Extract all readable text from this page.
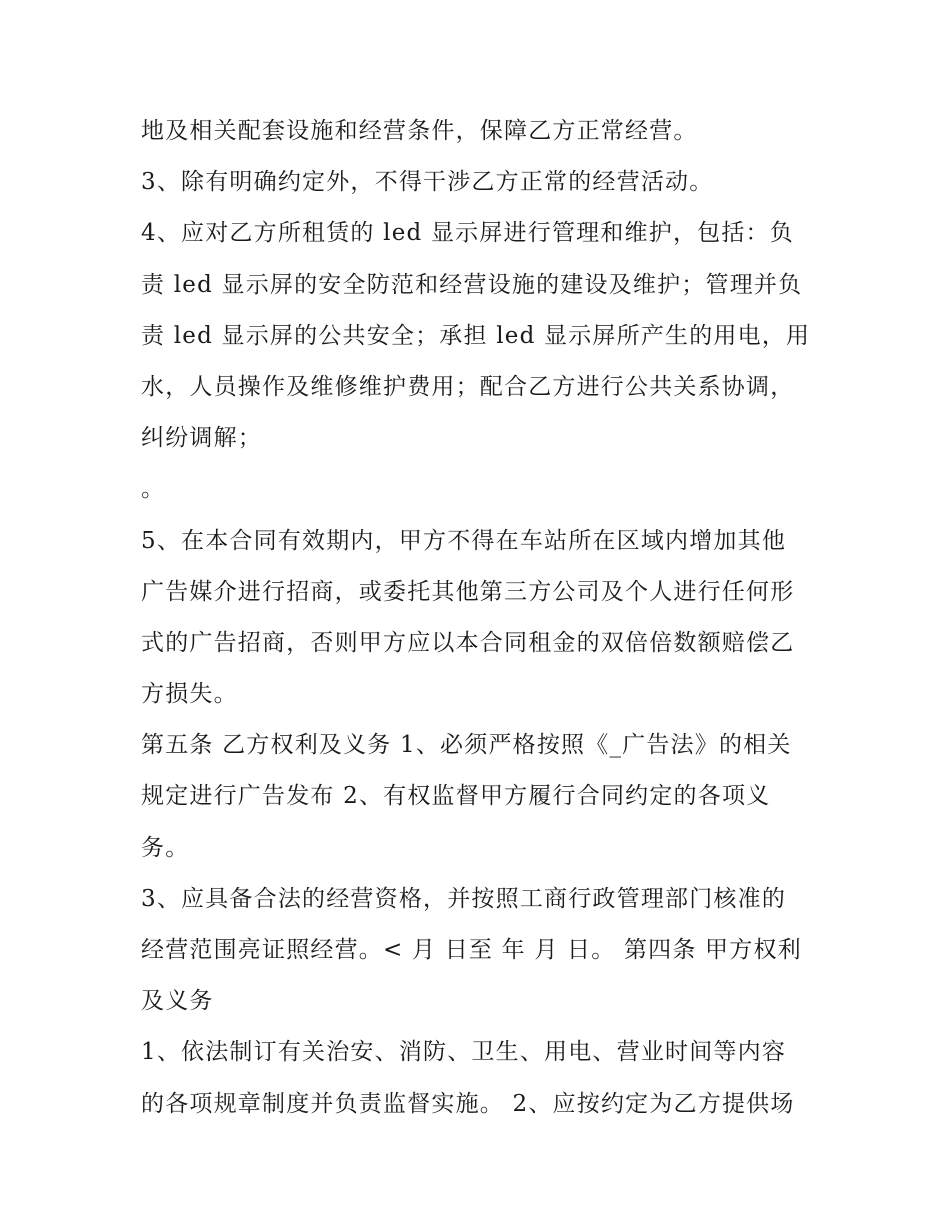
地及相关配套设施和经营条件，保障乙方正常经营。
3、除有明确约定外，不得干涉乙方正常的经营活动。
4、应对乙方所租赁的 led 显示屏进行管理和维护，包括：负
责 led 显示屏的安全防范和经营设施的建设及维护；管理并负
责 led 显示屏的公共安全；承担 led 显示屏所产生的用电，用
水，人员操作及维修维护费用；配合乙方进行公共关系协调，
纠纷调解；
。
5、在本合同有效期内，甲方不得在车站所在区域内增加其他
广告媒介进行招商，或委托其他第三方公司及个人进行任何形
式的广告招商，否则甲方应以本合同租金的双倍倍数额赔偿乙
方损失。
第五条 乙方权利及义务 1、必须严格按照《_广告法》的相关
规定进行广告发布 2、有权监督甲方履行合同约定的各项义
务。
3、应具备合法的经营资格，并按照工商行政管理部门核准的
经营范围亮证照经营。< 月 日至 年 月 日。 第四条 甲方权利
及义务
1、依法制订有关治安、消防、卫生、用电、营业时间等内容
的各项规章制度并负责监督实施。 2、应按约定为乙方提供场
